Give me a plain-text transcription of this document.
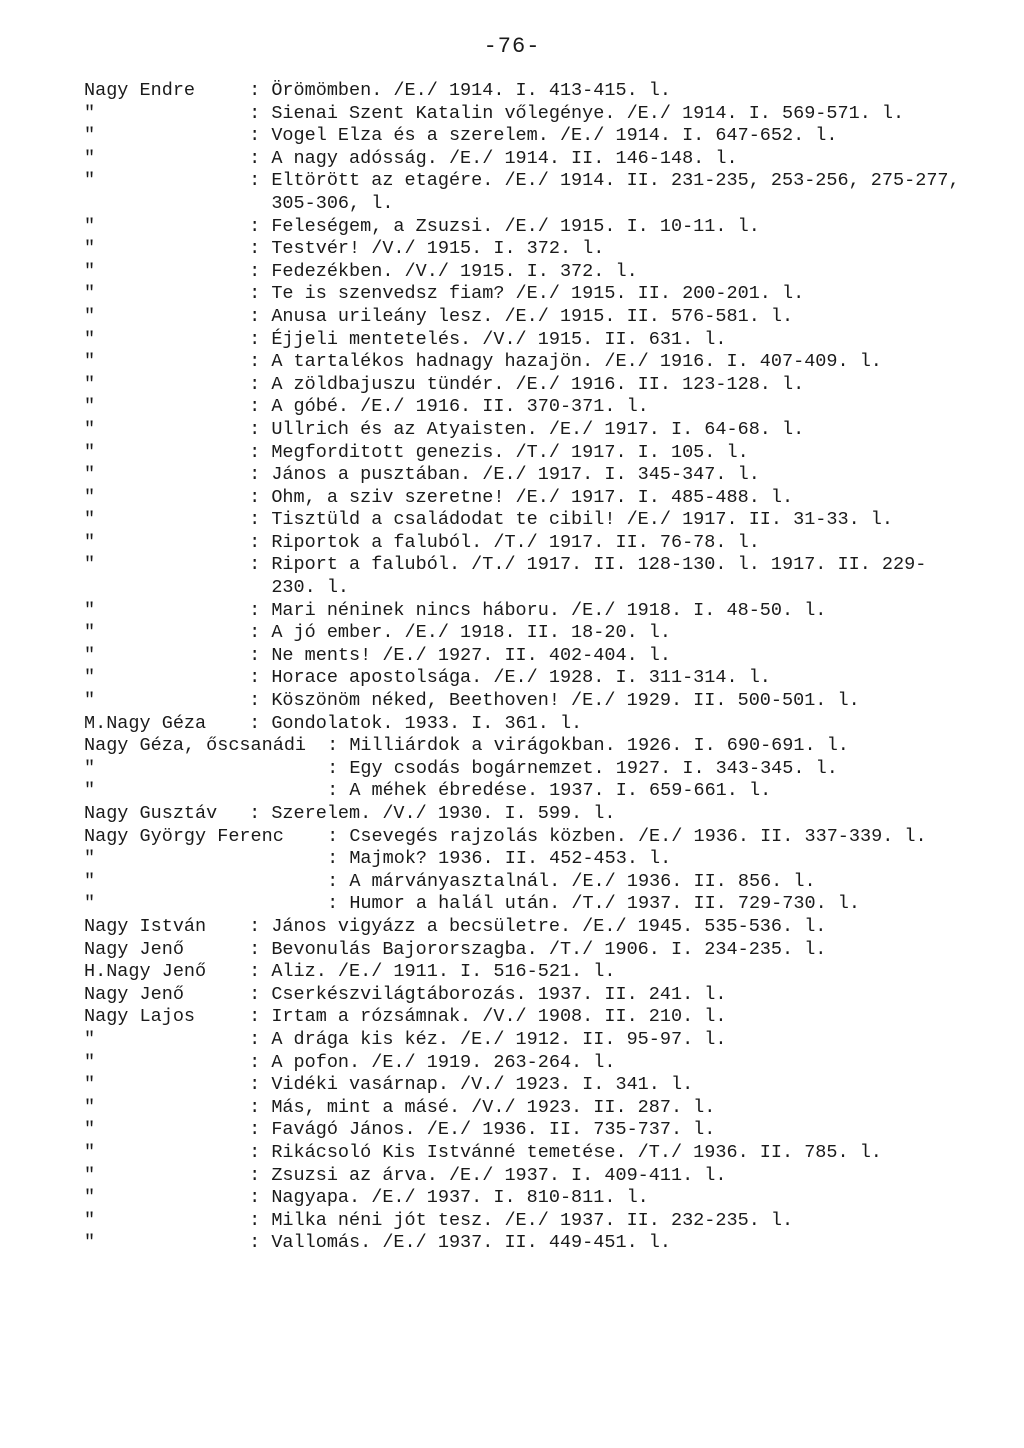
-76-
Nagy Endre	: Örömömben. /E./ 1914. I. 413-415. l.
"	: Sienai Szent Katalin vőlegénye. /E./ 1914. I. 569-571. l.
"	: Vogel Elza és a szerelem. /E./ 1914. I. 647-652. l.
"	: A nagy adósság. /E./ 1914. II. 146-148. l.
"	: Eltörött az etagére. /E./ 1914. II. 231-235, 253-256, 275-277, 305-306, l.
"	: Feleségem, a Zsuzsi. /E./ 1915. I. 10-11. l.
"	: Testvér! /V./ 1915. I. 372. l.
"	: Fedezékben. /V./ 1915. I. 372. l.
"	: Te is szenvedsz fiam? /E./ 1915. II. 200-201. l.
"	: Anusa urileány lesz. /E./ 1915. II. 576-581. l.
"	: Éjjeli mentetelés. /V./ 1915. II. 631. l.
"	: A tartalékos hadnagy hazajön. /E./ 1916. I. 407-409. l.
"	: A zöldbajuszu tündér. /E./ 1916. II. 123-128. l.
"	: A góbé. /E./ 1916. II. 370-371. l.
"	: Ullrich és az Atyaisten. /E./ 1917. I. 64-68. l.
"	: Megforditott genezis. /T./ 1917. I. 105. l.
"	: János a pusztában. /E./ 1917. I. 345-347. l.
"	: Ohm, a sziv szeretne! /E./ 1917. I. 485-488. l.
"	: Tisztüld a családodat te cibil! /E./ 1917. II. 31-33. l.
"	: Riportok a faluból. /T./ 1917. II. 76-78. l.
"	: Riport a faluból. /T./ 1917. II. 128-130. l. 1917. II. 229-230. l.
"	: Mari néninek nincs háboru. /E./ 1918. I. 48-50. l.
"	: A jó ember. /E./ 1918. II. 18-20. l.
"	: Ne ments! /E./ 1927. II. 402-404. l.
"	: Horace apostolsága. /E./ 1928. I. 311-314. l.
"	: Köszönöm néked, Beethoven! /E./ 1929. II. 500-501. l.
M.Nagy Géza	: Gondolatok. 1933. I. 361. l.
Nagy Géza, őscsanádi : Milliárdok a virágokban. 1926. I. 690-691. l.
"	: Egy csodás bogárnemzet. 1927. I. 343-345. l.
"	: A méhek ébredése. 1937. I. 659-661. l.
Nagy Gusztáv	: Szerelem. /V./ 1930. I. 599. l.
Nagy György Ferenc	: Csevegés rajzolás közben. /E./ 1936. II. 337-339. l.
"	: Majmok? 1936. II. 452-453. l.
"	: A márványasztalnál. /E./ 1936. II. 856. l.
"	: Humor a halál után. /T./ 1937. II. 729-730. l.
Nagy István	: János vigyázz a becsületre. /E./ 1945. 535-536. l.
Nagy Jenő	: Bevonulás Bajororszagba. /T./ 1906. I. 234-235. l.
H.Nagy Jenő	: Aliz. /E./ 1911. I. 516-521. l.
Nagy Jenő	: Cserkészvilágtáborozás. 1937. II. 241. l.
Nagy Lajos	: Irtam a rózsámnak. /V./ 1908. II. 210. l.
"	: A drága kis kéz. /E./ 1912. II. 95-97. l.
"	: A pofon. /E./ 1919. 263-264. l.
"	: Vidéki vasárnap. /V./ 1923. I. 341. l.
"	: Más, mint a másé. /V./ 1923. II. 287. l.
"	: Favágó János. /E./ 1936. II. 735-737. l.
"	: Rikácsoló Kis Istvánné temetése. /T./ 1936. II. 785. l.
"	: Zsuzsi az árva. /E./ 1937. I. 409-411. l.
"	: Nagyapa. /E./ 1937. I. 810-811. l.
"	: Milka néni jót tesz. /E./ 1937. II. 232-235. l.
"	: Vallomás. /E./ 1937. II. 449-451. l.
